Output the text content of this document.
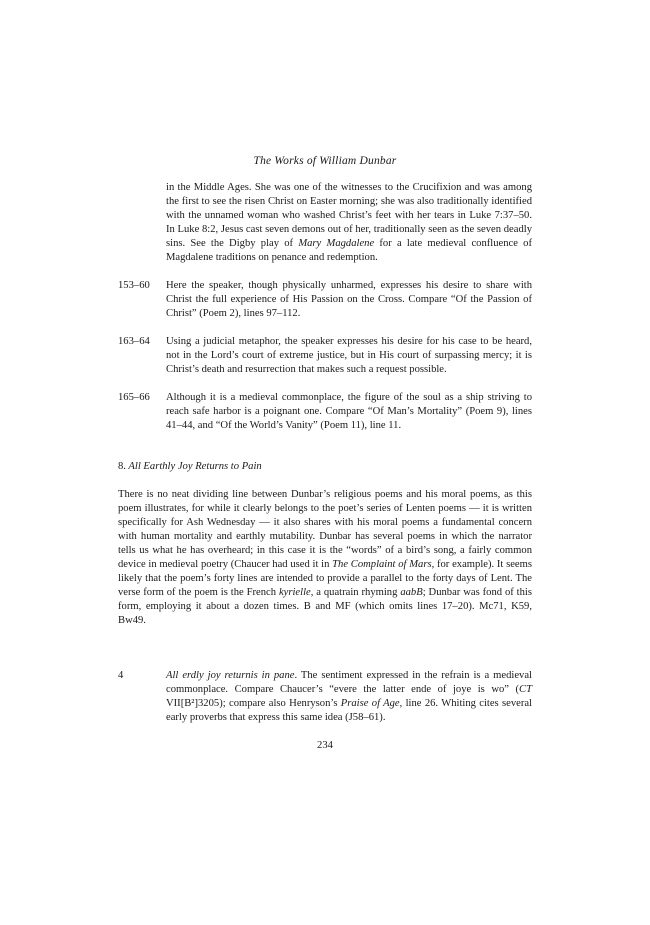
The Works of William Dunbar
in the Middle Ages. She was one of the witnesses to the Crucifixion and was among the first to see the risen Christ on Easter morning; she was also traditionally identified with the unnamed woman who washed Christ’s feet with her tears in Luke 7:37–50. In Luke 8:2, Jesus cast seven demons out of her, traditionally seen as the seven deadly sins. See the Digby play of Mary Magdalene for a late medieval confluence of Magdalene traditions on penance and redemption.
153–60	Here the speaker, though physically unharmed, expresses his desire to share with Christ the full experience of His Passion on the Cross. Compare “Of the Passion of Christ” (Poem 2), lines 97–112.
163–64	Using a judicial metaphor, the speaker expresses his desire for his case to be heard, not in the Lord’s court of extreme justice, but in His court of surpassing mercy; it is Christ’s death and resurrection that makes such a request possible.
165–66	Although it is a medieval commonplace, the figure of the soul as a ship striving to reach safe harbor is a poignant one. Compare “Of Man’s Mortality” (Poem 9), lines 41–44, and “Of the World’s Vanity” (Poem 11), line 11.
8. All Earthly Joy Returns to Pain
There is no neat dividing line between Dunbar’s religious poems and his moral poems, as this poem illustrates, for while it clearly belongs to the poet’s series of Lenten poems — it is written specifically for Ash Wednesday — it also shares with his moral poems a fundamental concern with human mortality and earthly mutability. Dunbar has several poems in which the narrator tells us what he has overheard; in this case it is the “words” of a bird’s song, a fairly common device in medieval poetry (Chaucer had used it in The Complaint of Mars, for example). It seems likely that the poem’s forty lines are intended to provide a parallel to the forty days of Lent. The verse form of the poem is the French kyrielle, a quatrain rhyming aabB; Dunbar was fond of this form, employing it about a dozen times. B and MF (which omits lines 17–20). Mc71, K59, Bw49.
4	All erdly joy returnis in pane. The sentiment expressed in the refrain is a medieval commonplace. Compare Chaucer’s “evere the latter ende of joye is wo” (CT VII[B²]3205); compare also Henryson’s Praise of Age, line 26. Whiting cites several early proverbs that express this same idea (J58–61).
234
